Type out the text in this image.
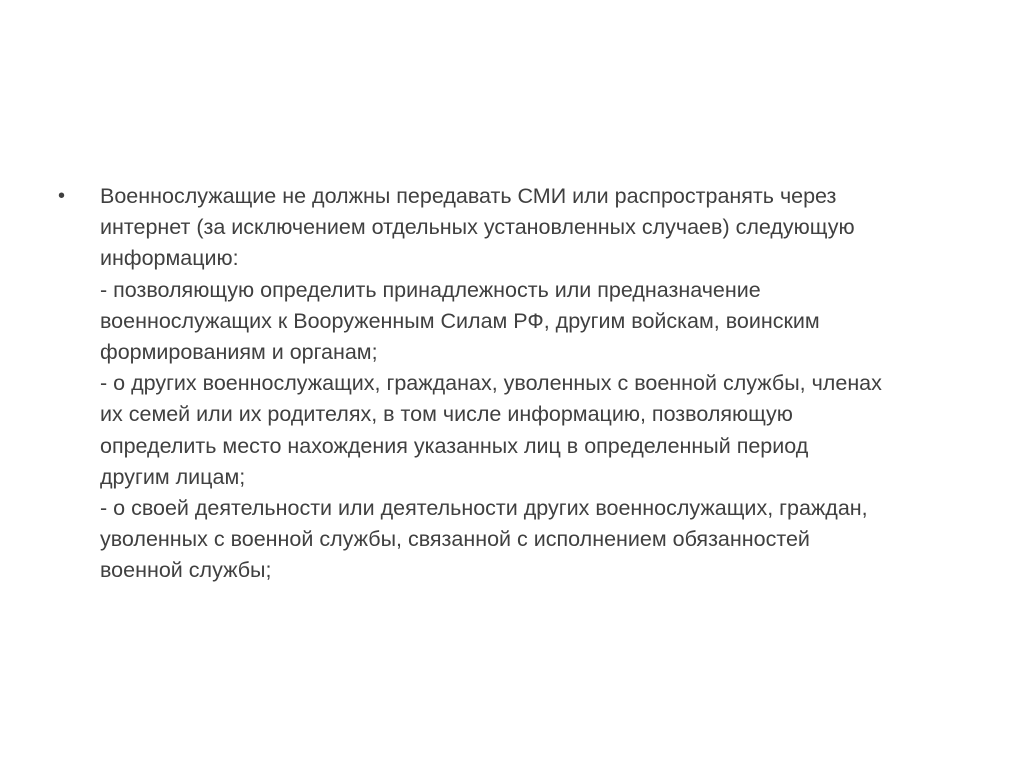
•	Военнослужащие не должны передавать СМИ или распространять через
интернет (за исключением отдельных установленных случаев) следующую
информацию:
- позволяющую определить принадлежность или предназначение
военнослужащих к Вооруженным Силам РФ, другим войскам, воинским
формированиям и органам;
- о других военнослужащих, гражданах, уволенных с военной службы, членах
их семей или их родителях, в том числе информацию, позволяющую
определить место нахождения указанных лиц в определенный период
другим лицам;
- о своей деятельности или деятельности других военнослужащих, граждан,
уволенных с военной службы, связанной с исполнением обязанностей
военной службы;
